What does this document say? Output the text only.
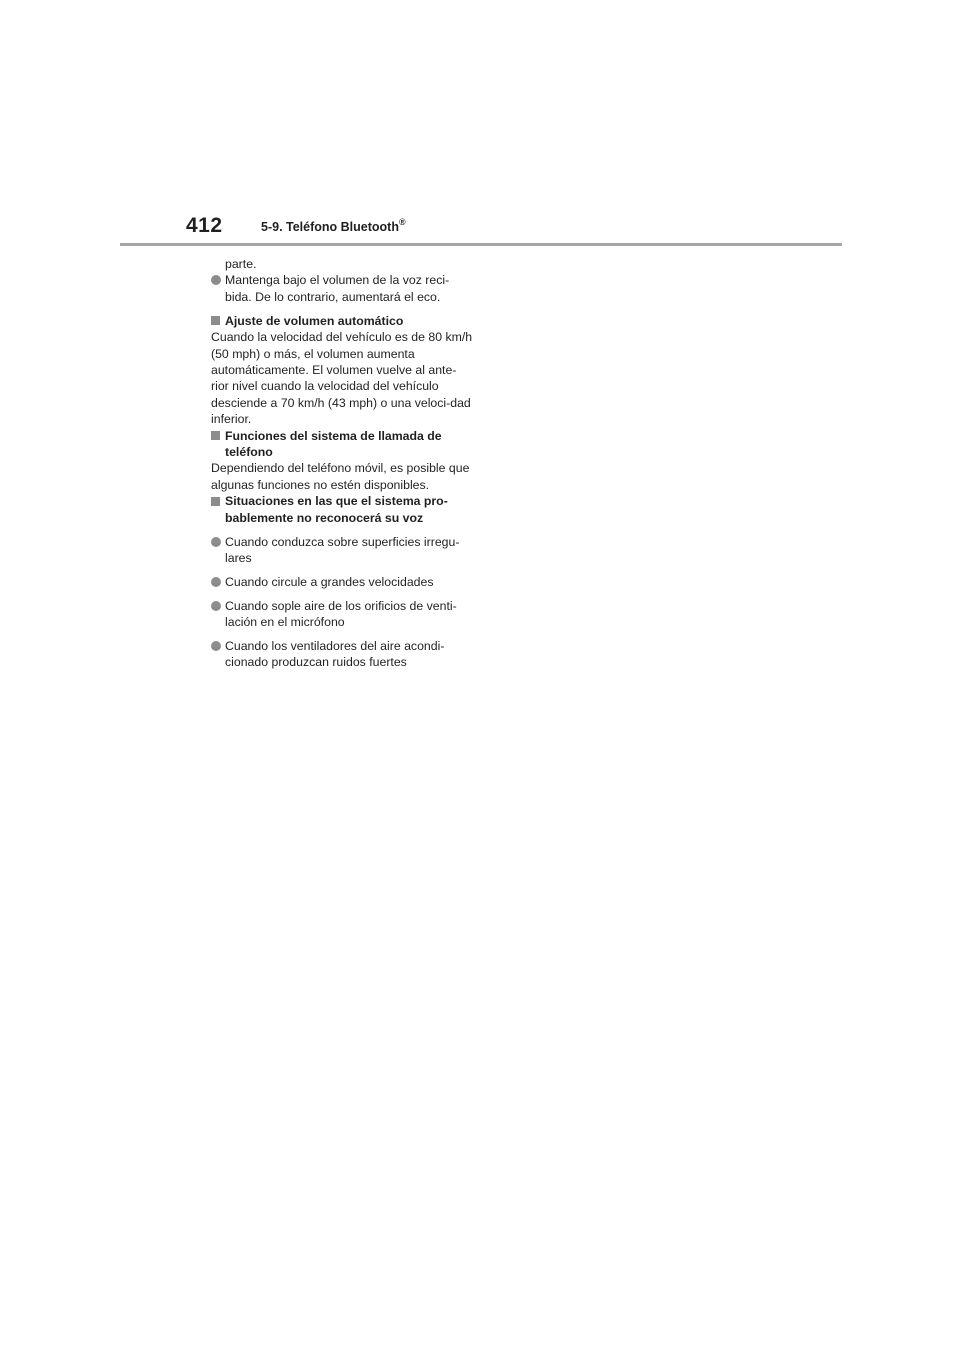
412	5-9. Teléfono Bluetooth®

parte.

Mantenga bajo el volumen de la voz reci-bida. De lo contrario, aumentará el eco.
Ajuste de volumen automático

Cuando la velocidad del vehículo es de 80 km/h (50 mph) o más, el volumen aumenta automáticamente. El volumen vuelve al ante-rior nivel cuando la velocidad del vehículo desciende a 70 km/h (43 mph) o una veloci-dad inferior.

Funciones del sistema de llamada de teléfono

Dependiendo del teléfono móvil, es posible que algunas funciones no estén disponibles.

Situaciones en las que el sistema pro-bablemente no reconocerá su voz
Cuando conduzca sobre superficies irregu-lares
Cuando circule a grandes velocidades
Cuando sople aire de los orificios de venti-lación en el micrófono
Cuando los ventiladores del aire acondi-cionado produzcan ruidos fuertes
